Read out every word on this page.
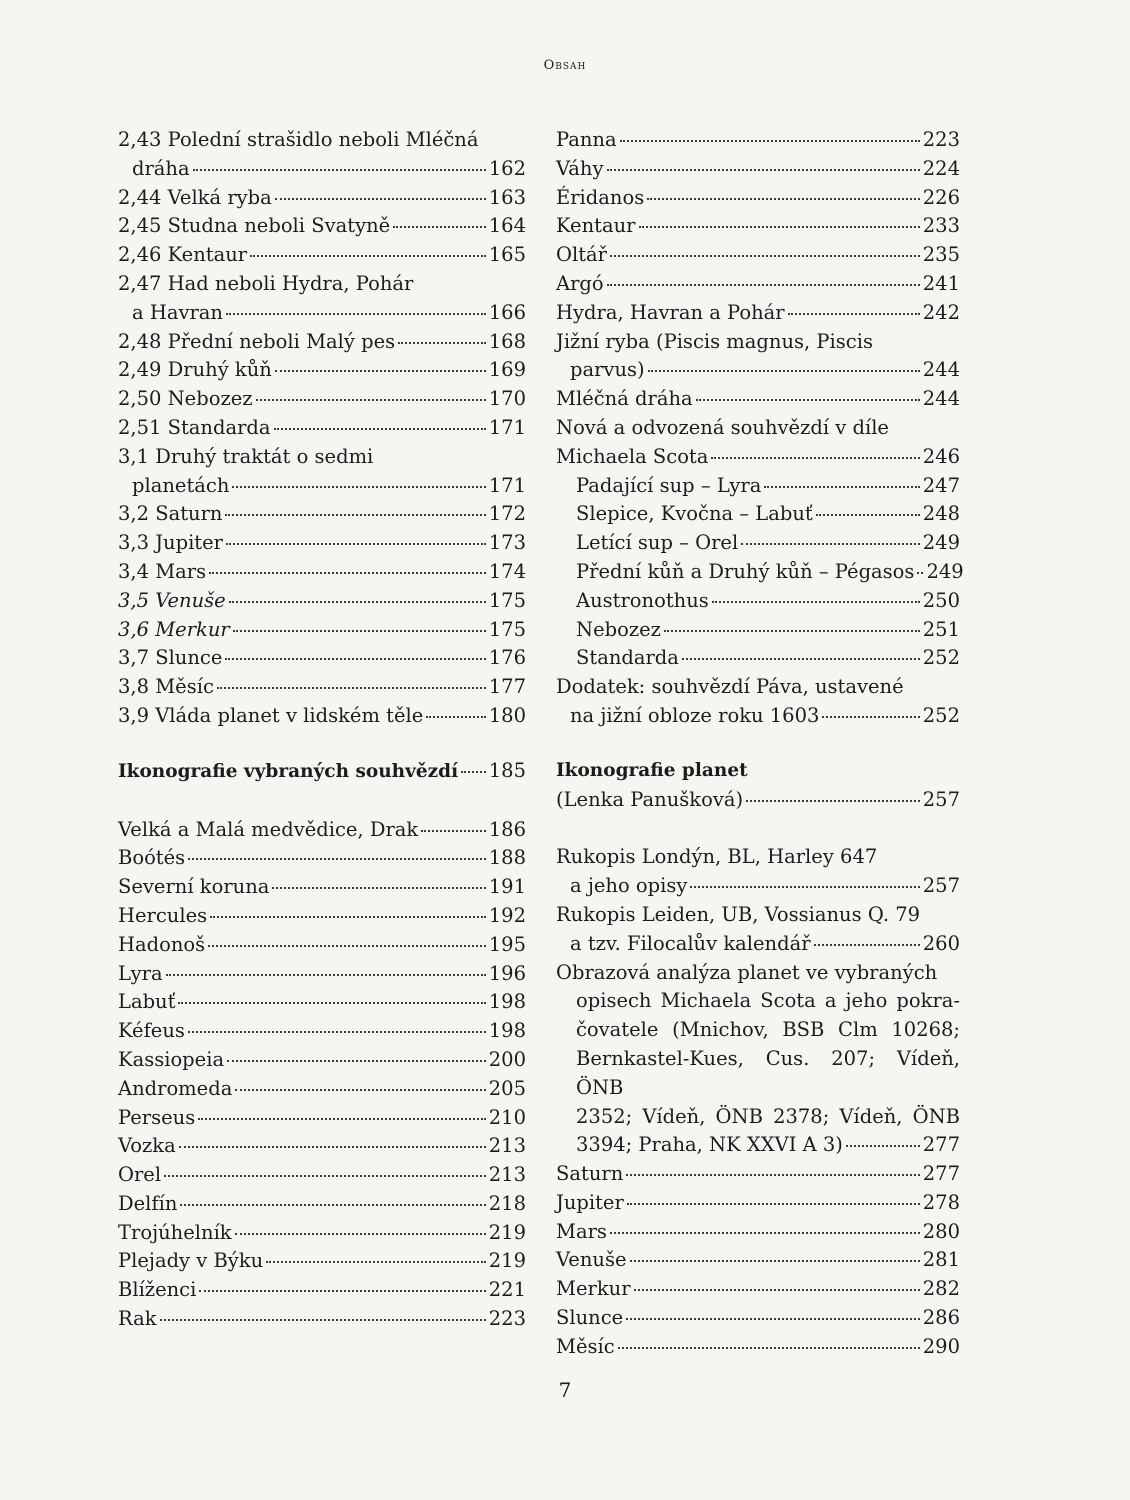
Obsah
2,43 Polední strašidlo neboli Mléčná
dráha	162
2,44 Velká ryba	163
2,45 Studna neboli Svatyně	164
2,46 Kentaur	165
2,47 Had neboli Hydra, Pohár
a Havran	166
2,48 Přední neboli Malý pes	168
2,49 Druhý kůň	169
2,50 Nebozez	170
2,51 Standarda	171
3,1 Druhý traktát o sedmi
planetách	171
3,2 Saturn	172
3,3 Jupiter	173
3,4 Mars	174
3,5 Venuše	175
3,6 Merkur	175
3,7 Slunce	176
3,8 Měsíc	177
3,9 Vláda planet v lidském těle	180
Ikonografie vybraných souhvězdí 185
Velká a Malá medvědice, Drak	186
Boótés	188
Severní koruna	191
Hercules	192
Hadonoš	195
Lyra	196
Labuť	198
Kéfeus	198
Kassiopeia	200
Andromeda	205
Perseus	210
Vozka	213
Orel	213
Delfín	218
Trojúhelník	219
Plejady v Býku	219
Blíženci	221
Rak	223
Panna	223
Váhy	224
Éridanos	226
Kentaur	233
Oltář	235
Argó	241
Hydra, Havran a Pohár	242
Jižní ryba (Piscis magnus, Piscis
parvus)	244
Mléčná dráha	244
Nová a odvozená souhvězdí v díle
Michaela Scota	246
Padající sup – Lyra	247
Slepice, Kvočna – Labuť	248
Letící sup – Orel	249
Přední kůň a Druhý kůň – Pégasos 249
Austronothus	250
Nebozez	251
Standarda	252
Dodatek: souhvězdí Páva, ustavené
na jižní obloze roku 1603	252
Ikonografie planet
(Lenka Panušková)	257
Rukopis Londýn, BL, Harley 647
a jeho opisy	257
Rukopis Leiden, UB, Vossianus Q. 79
a tzv. Filocalův kalendář	260
Obrazová analýza planet ve vybraných
opisech Michaela Scota a jeho pokra-
čovatele (Mnichov, BSB Clm 10268;
Bernkastel-Kues, Cus. 207; Vídeň, ÖNB
2352; Vídeň, ÖNB 2378; Vídeň, ÖNB
3394; Praha, NK XXVI A 3)	277
Saturn	277
Jupiter	278
Mars	280
Venuše	281
Merkur	282
Slunce	286
Měsíc	290
7
